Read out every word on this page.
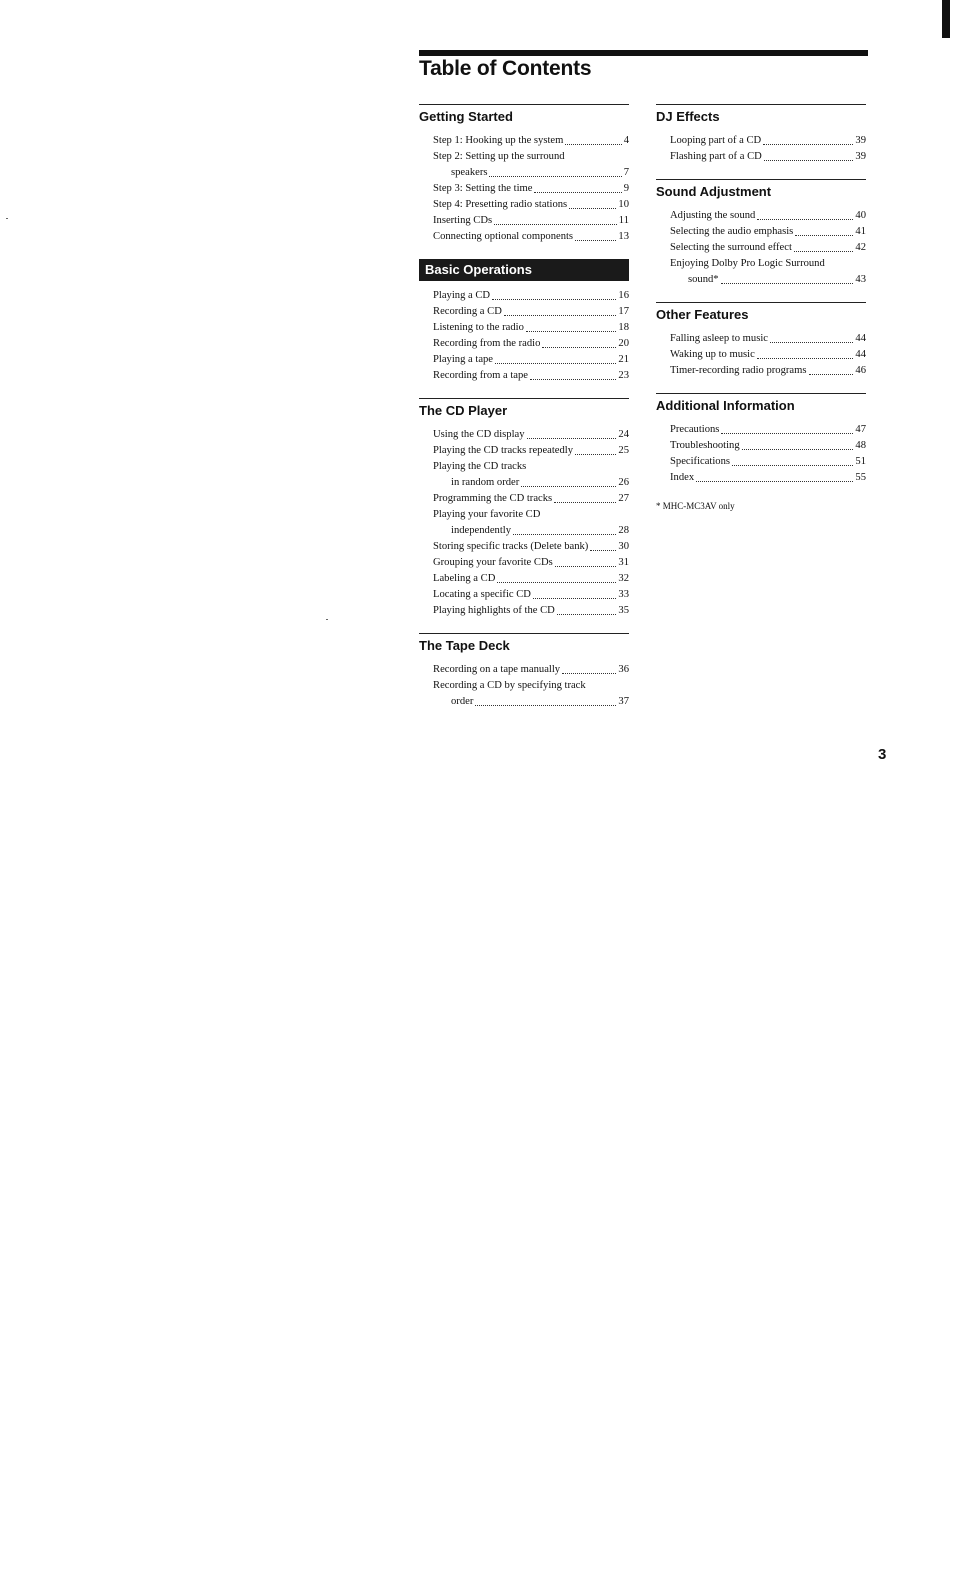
Table of Contents
Getting Started
Step 1: Hooking up the system	4
Step 2: Setting up the surround
speakers	7
Step 3: Setting the time	9
Step 4: Presetting radio stations	10
Inserting CDs	11
Connecting optional components	13
Basic Operations
Playing a CD	16
Recording a CD	17
Listening to the radio	18
Recording from the radio	20
Playing a tape	21
Recording from a tape	23
The CD Player
Using the CD display	24
Playing the CD tracks repeatedly	25
Playing the CD tracks
in random order	26
Programming the CD tracks	27
Playing your favorite CD
independently	28
Storing specific tracks (Delete bank)	30
Grouping your favorite CDs	31
Labeling a CD	32
Locating a specific CD	33
Playing highlights of the CD	35
The Tape Deck
Recording on a tape manually	36
Recording a CD by specifying track
order	37
DJ Effects
Looping part of a CD	39
Flashing part of a CD	39
Sound Adjustment
Adjusting the sound	40
Selecting the audio emphasis	41
Selecting the surround effect	42
Enjoying Dolby Pro Logic Surround
sound*	43
Other Features
Falling asleep to music	44
Waking up to music	44
Timer-recording radio programs	46
Additional Information
Precautions	47
Troubleshooting	48
Specifications	51
Index	55
* MHC-MC3AV only
3
